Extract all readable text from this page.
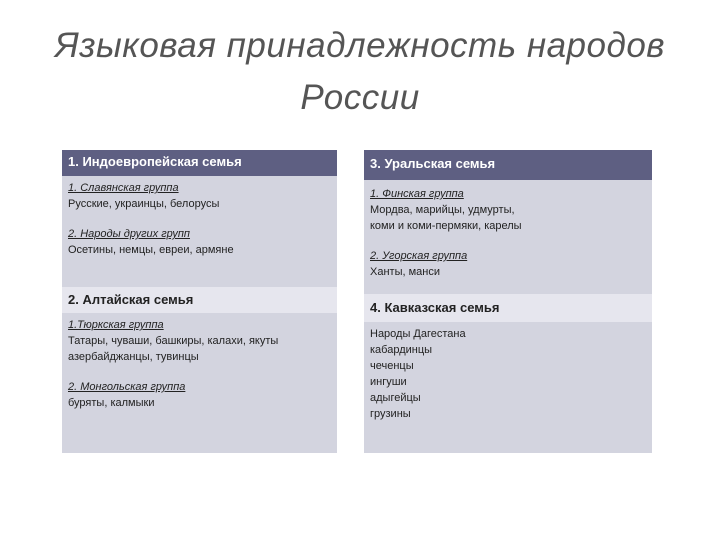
Языковая принадлежность народов
России
1. Индоевропейская семья
1. Славянская группа
Русские, украинцы, белорусы
2. Народы других групп
Осетины, немцы, евреи, армяне
2. Алтайская семья
1.Тюркская группа
Татары, чуваши, башкиры, калахи, якуты
азербайджанцы, тувинцы
2. Монгольская группа
буряты, калмыки
3. Уральская семья
1. Финская группа
Мордва, марийцы, удмурты,
коми и коми-пермяки, карелы
2. Угорская группа
Ханты, манси
4. Кавказская семья
Народы Дагестана
кабардинцы
чеченцы
ингуши
адыгейцы
грузины
